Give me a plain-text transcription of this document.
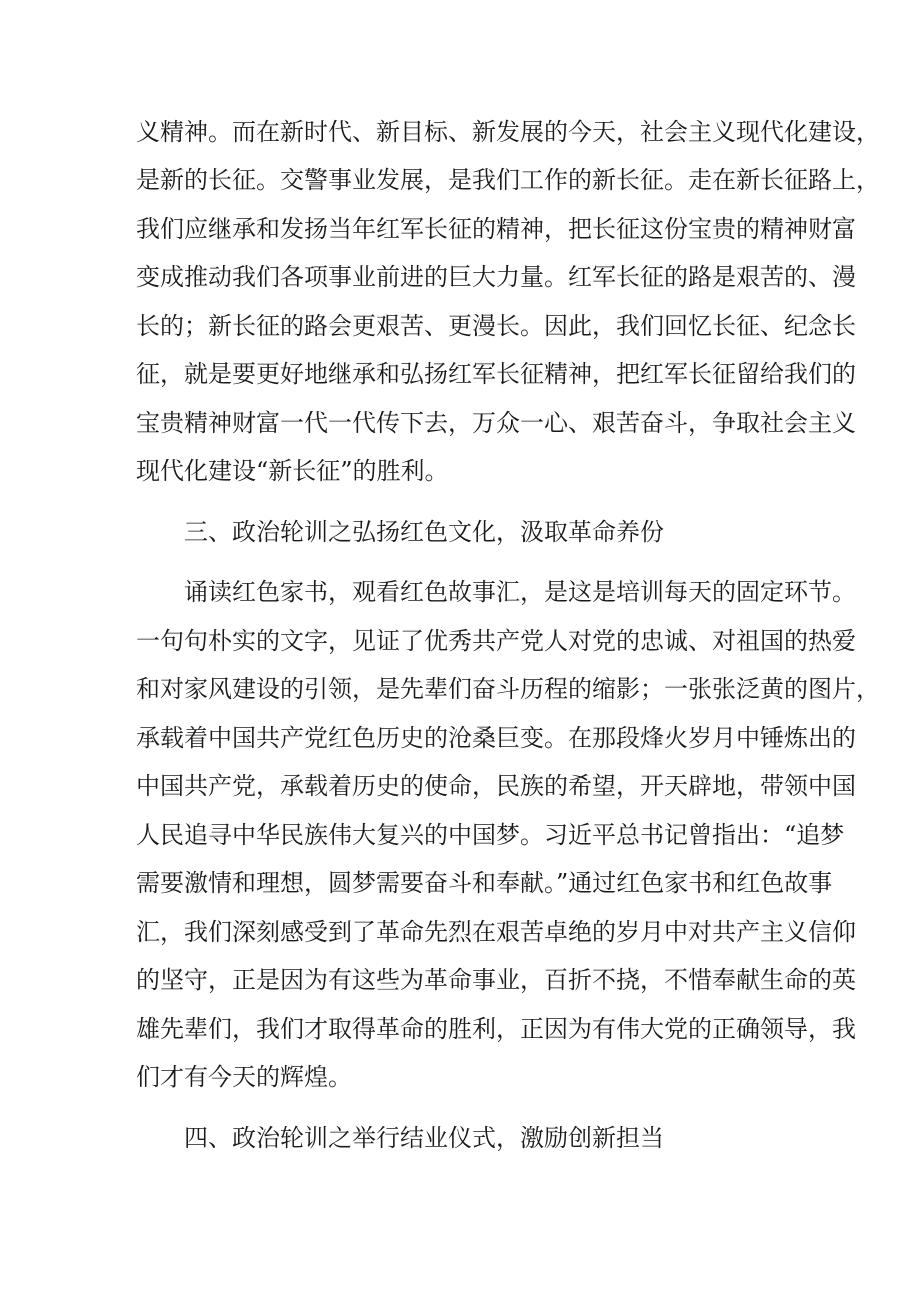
义精神。而在新时代、新目标、新发展的今天，社会主义现代化建设，
是新的长征。交警事业发展，是我们工作的新长征。走在新长征路上，
我们应继承和发扬当年红军长征的精神，把长征这份宝贵的精神财富
变成推动我们各项事业前进的巨大力量。红军长征的路是艰苦的、漫
长的；新长征的路会更艰苦、更漫长。因此，我们回忆长征、纪念长
征，就是要更好地继承和弘扬红军长征精神，把红军长征留给我们的
宝贵精神财富一代一代传下去，万众一心、艰苦奋斗，争取社会主义
现代化建设“新长征”的胜利。
三、政治轮训之弘扬红色文化，汲取革命养份
诵读红色家书，观看红色故事汇，是这是培训每天的固定环节。
一句句朴实的文字，见证了优秀共产党人对党的忠诚、对祖国的热爱
和对家风建设的引领，是先辈们奋斗历程的缩影；一张张泛黄的图片，
承载着中国共产党红色历史的沧桑巨变。在那段烽火岁月中锤炼出的
中国共产党，承载着历史的使命，民族的希望，开天辟地，带领中国
人民追寻中华民族伟大复兴的中国梦。习近平总书记曾指出：“追梦
需要激情和理想，圆梦需要奋斗和奉献。”通过红色家书和红色故事
汇，我们深刻感受到了革命先烈在艰苦卓绝的岁月中对共产主义信仰
的坚守，正是因为有这些为革命事业，百折不挠，不惜奉献生命的英
雄先辈们，我们才取得革命的胜利，正因为有伟大党的正确领导，我
们才有今天的辉煌。
四、政治轮训之举行结业仪式，激励创新担当
